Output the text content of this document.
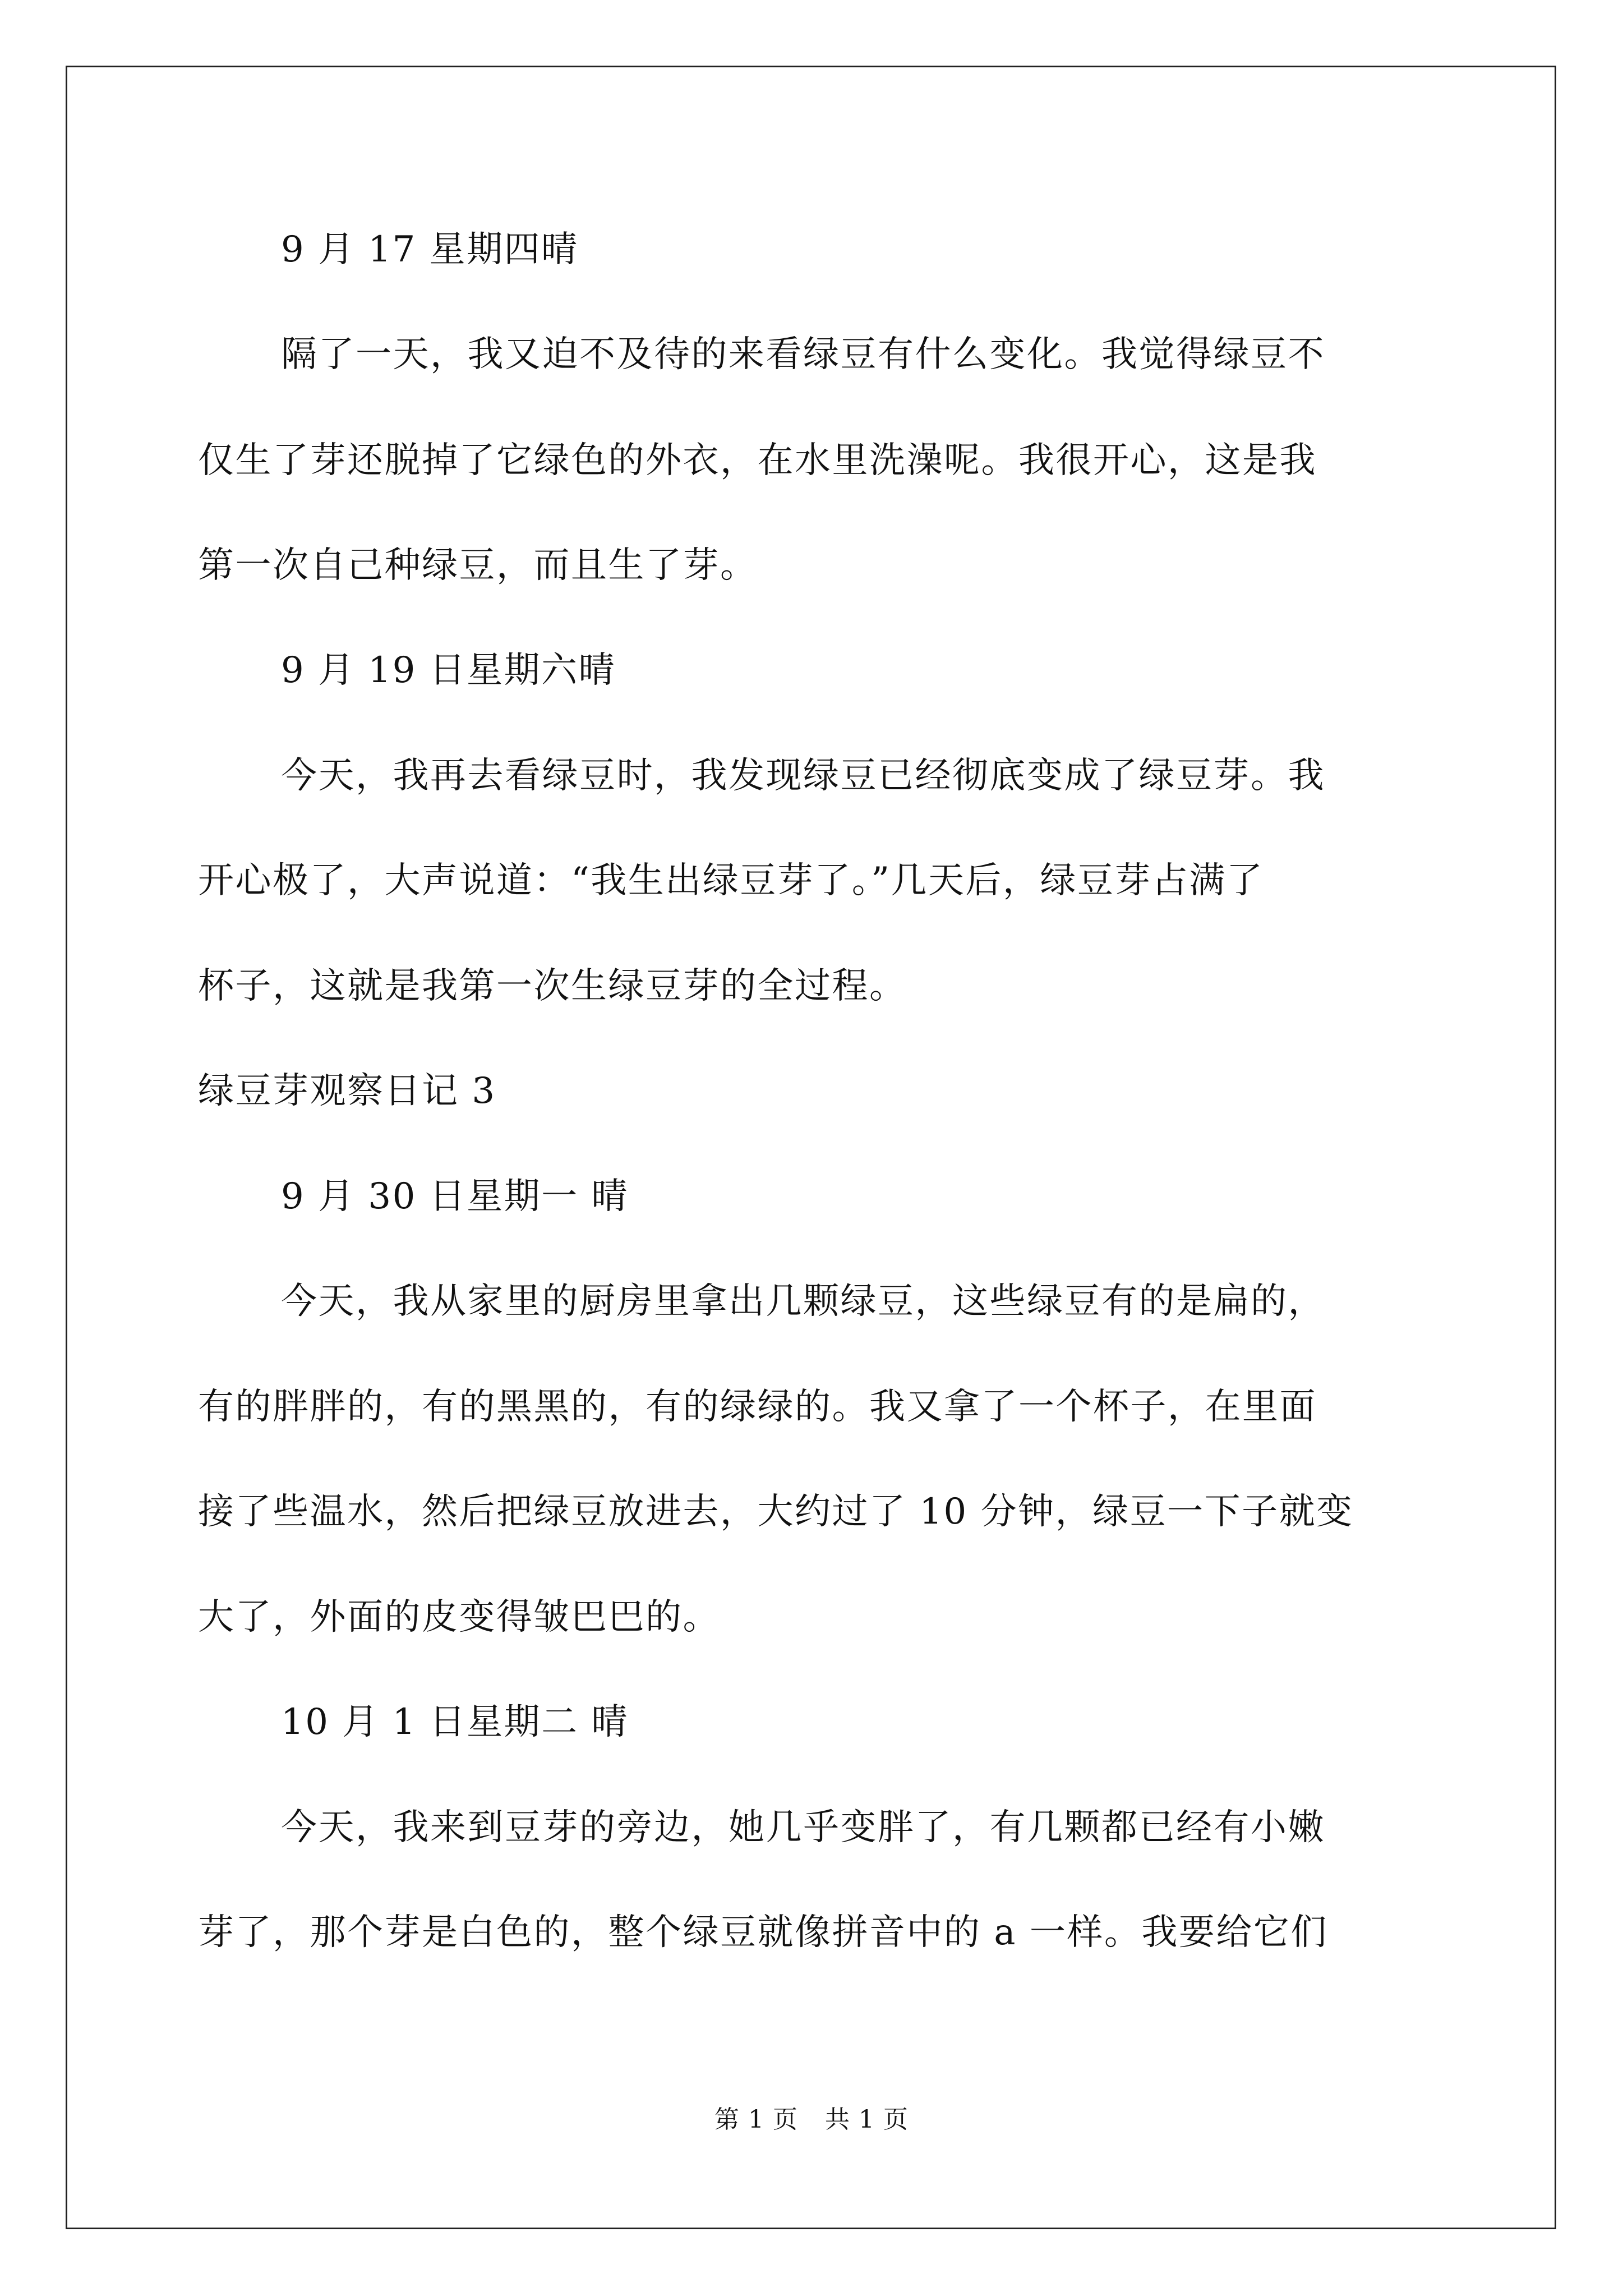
9 月 17 星期四晴
隔了一天，我又迫不及待的来看绿豆有什么变化。我觉得绿豆不
仅生了芽还脱掉了它绿色的外衣，在水里洗澡呢。我很开心，这是我
第一次自己种绿豆，而且生了芽。
9 月 19 日星期六晴
今天，我再去看绿豆时，我发现绿豆已经彻底变成了绿豆芽。我
开心极了，大声说道：“我生出绿豆芽了。”几天后，绿豆芽占满了
杯子，这就是我第一次生绿豆芽的全过程。
绿豆芽观察日记 3
9 月 30 日星期一 晴
今天，我从家里的厨房里拿出几颗绿豆，这些绿豆有的是扁的，
有的胖胖的，有的黑黑的，有的绿绿的。我又拿了一个杯子，在里面
接了些温水，然后把绿豆放进去，大约过了 10 分钟，绿豆一下子就变
大了，外面的皮变得皱巴巴的。
10 月 1 日星期二 晴
今天，我来到豆芽的旁边，她几乎变胖了，有几颗都已经有小嫩
芽了，那个芽是白色的，整个绿豆就像拼音中的 a 一样。我要给它们
第 1 页 共 1 页
